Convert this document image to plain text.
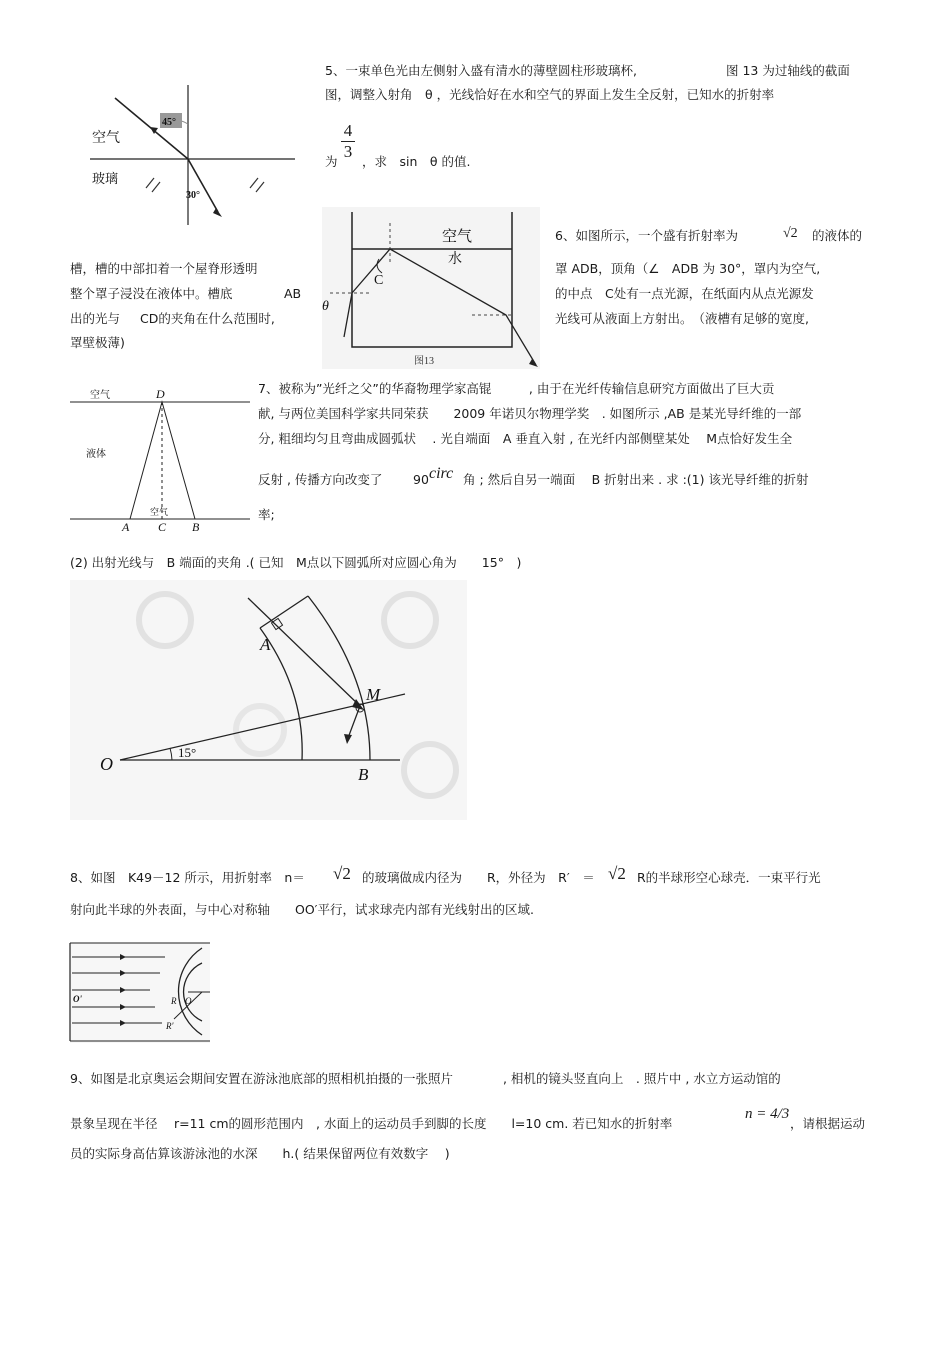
5、一束单色光由左侧射入盛有清水的薄壁圆柱形玻璃杯,	图 13 为过轴线的截面
图，调整入射角　θ ，光线恰好在水和空气的界面上发生全反射，已知水的折射率
为
4
3
，求　sin　θ 的值.
45°
30°
空气
玻璃
6、如图所示，一个盛有折射率为	√2 的液体的
槽，槽的中部扣着一个屋脊形透明
整个罩子浸没在液体中。槽底	AB
出的光与　 CD的夹角在什么范围时,
罩壁极薄)
罩 ADB，顶角（∠　ADB 为 30°，罩内为空气,
的中点　C处有一点光源，在纸面内从点光源发
光线可从液面上方射出。　（液槽有足够的宽度,
空气
水
C
θ
图13
空气	D
液体
空气
A C B
7、被称为”光纤之父”的华裔物理学家高锟　　　, 由于在光纤传输信息研究方面做出了巨大贡
献, 与两位美国科学家共同荣获　　2009 年诺贝尔物理学奖　. 如图所示 ,AB 是某光导纤维的一部
分, 粗细均匀且弯曲成圆弧状　 . 光自端面　A 垂直入射 , 在光纤内部侧壁某处　 M点恰好发生全
反射 , 传播方向改变了 90 circ 角 ; 然后自另一端面　 B 折射出来 . 求 :(1) 该光导纤维的折射
率;
(2) 出射光线与　B 端面的夹角 .( 已知　M点以下圆弧所对应圆心角为　　15°　)
A
M
O
B
15°
8、如图　K49－12 所示，用折射率　n＝ √2 的玻璃做成内径为　　R，外径为　R′　＝ √2 R的半球形空心球壳．一束平行光
射向此半球的外表面，与中心对称轴　　OO′平行，试求球壳内部有光线射出的区域.
O'	R O
R'
9、如图是北京奥运会期间安置在游泳池底部的照相机拍摄的一张照片　　　　, 相机的镜头竖直向上　. 照片中 , 水立方运动馆的
景象呈现在半径　 r=11 cm的圆形范围内　, 水面上的运动员手到脚的长度　　l=10 cm. 若已知水的折射率
n = 4/3
，请根据运动
员的实际身高估算该游泳池的水深　　h.( 结果保留两位有效数字　 )
